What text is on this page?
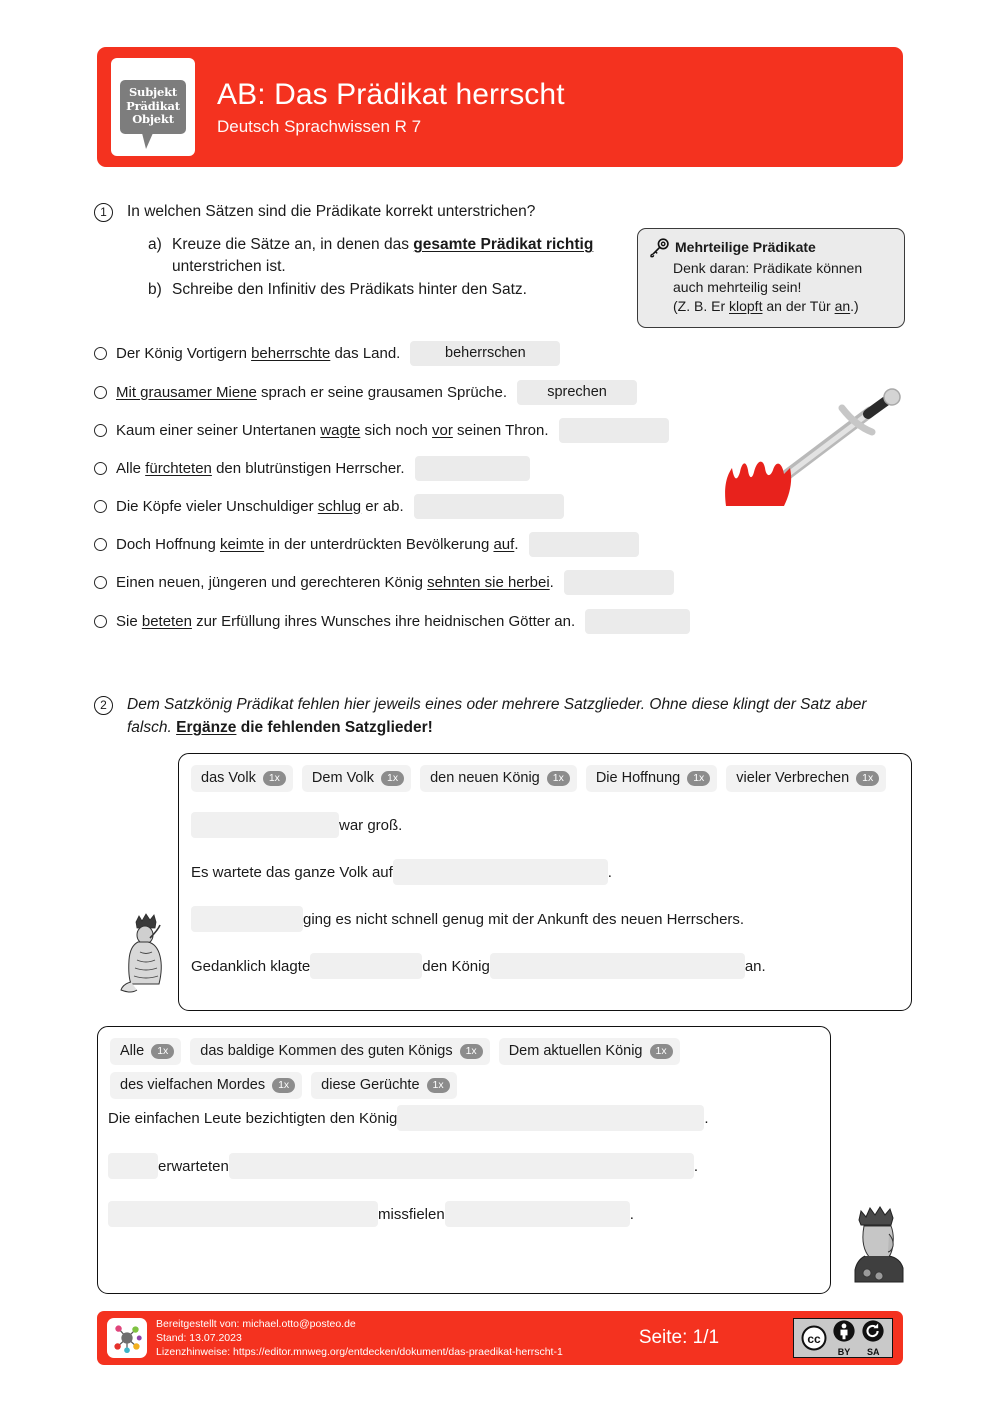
Subjekt
Prädikat
Objekt
AB: Das Prädikat herrscht
Deutsch Sprachwissen R 7
1	In welchen Sätzen sind die Prädikate korrekt unterstrichen?
a) Kreuze die Sätze an, in denen das gesamte Prädikat richtig unterstrichen ist.
b) Schreibe den Infinitiv des Prädikats hinter den Satz.
Mehrteilige Prädikate
Denk daran: Prädikate können
auch mehrteilig sein!
(Z. B. Er klopft an der Tür an.)
Der König Vortigern beherrschte das Land.	beherrschen
Mit grausamer Miene sprach er seine grausamen Sprüche.	sprechen
Kaum einer seiner Untertanen wagte sich noch vor seinen Thron.
Alle fürchteten den blutrünstigen Herrscher.
Die Köpfe vieler Unschuldiger schlug er ab.
Doch Hoffnung keimte in der unterdrückten Bevölkerung auf.
Einen neuen, jüngeren und gerechteren König sehnten sie herbei.
Sie beteten zur Erfüllung ihres Wunsches ihre heidnischen Götter an.
2	Dem Satzkönig Prädikat fehlen hier jeweils eines oder mehrere Satzglieder. Ohne diese klingt der Satz aber falsch. Ergänze die fehlenden Satzglieder!
das Volk	1x	Dem Volk	1x	den neuen König	1x	Die Hoffnung	1x	vieler Verbrechen	1x
war groß.
Es wartete das ganze Volk auf	.
ging es nicht schnell genug mit der Ankunft des neuen Herrschers.
Gedanklich klagte	den König	an.
Alle	1x	das baldige Kommen des guten Königs	1x	Dem aktuellen König	1x
des vielfachen Mordes	1x	diese Gerüchte	1x
Die einfachen Leute bezichtigten den König	.
erwarteten	.
missfielen	.
Bereitgestellt von: michael.otto@posteo.de
Stand: 13.07.2023
Lizenzhinweise: https://editor.mnweg.org/entdecken/dokument/das-praedikat-herrscht-1
Seite: 1/1	cc
BY	SA
